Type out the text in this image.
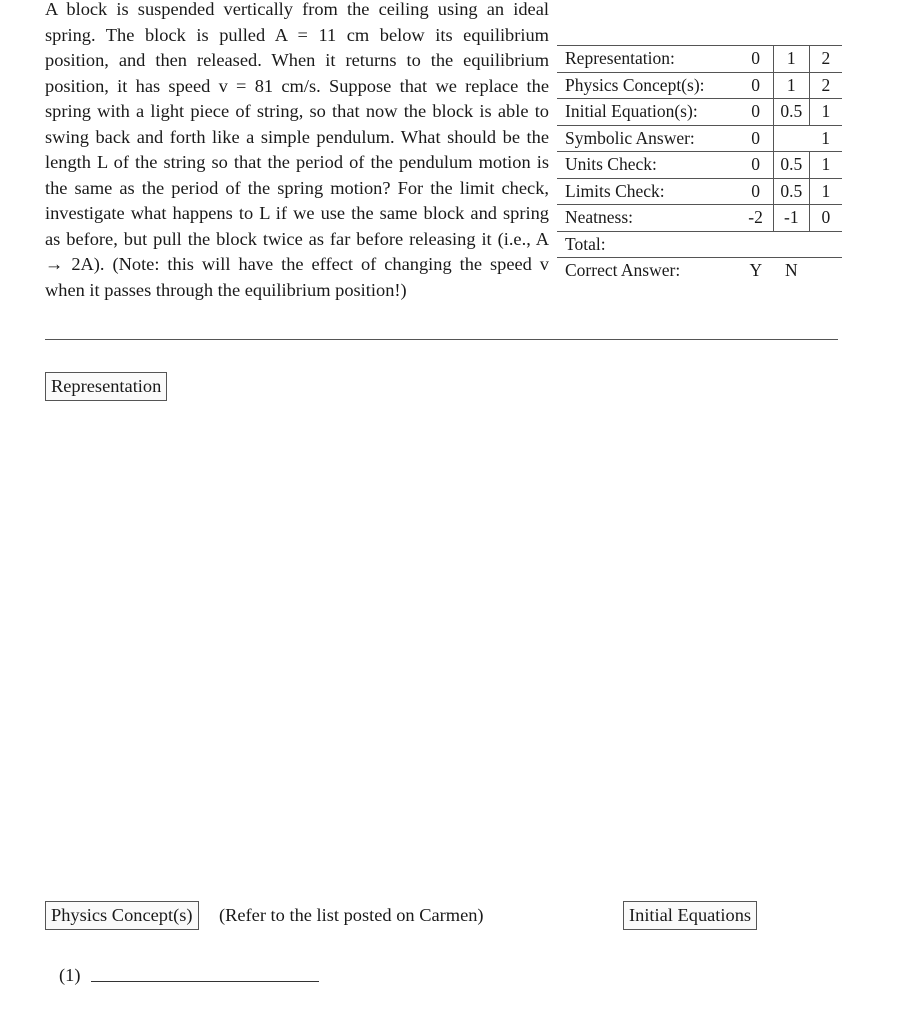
A block is suspended vertically from the ceiling using an ideal spring. The block is pulled A = 11 cm below its equilibrium position, and then released. When it returns to the equilibrium position, it has speed v = 81 cm/s. Suppose that we replace the spring with a light piece of string, so that now the block is able to swing back and forth like a simple pendulum. What should be the length L of the string so that the period of the pendulum motion is the same as the period of the spring motion? For the limit check, investigate what happens to L if we use the same block and spring as before, but pull the block twice as far before releasing it (i.e., A → 2A). (Note: this will have the effect of changing the speed v when it passes through the equilibrium position!)

Representation:	0	1	2
Physics Concept(s):	0	1	2
Initial Equation(s):	0	0.5	1
Symbolic Answer:	0		1
Units Check:	0	0.5	1
Limits Check:	0	0.5	1
Neatness:	-2	-1	0
Total:			
Correct Answer:	Y	N	
Representation
Physics Concept(s)	(Refer to the list posted on Carmen)	Initial Equations
(1)
